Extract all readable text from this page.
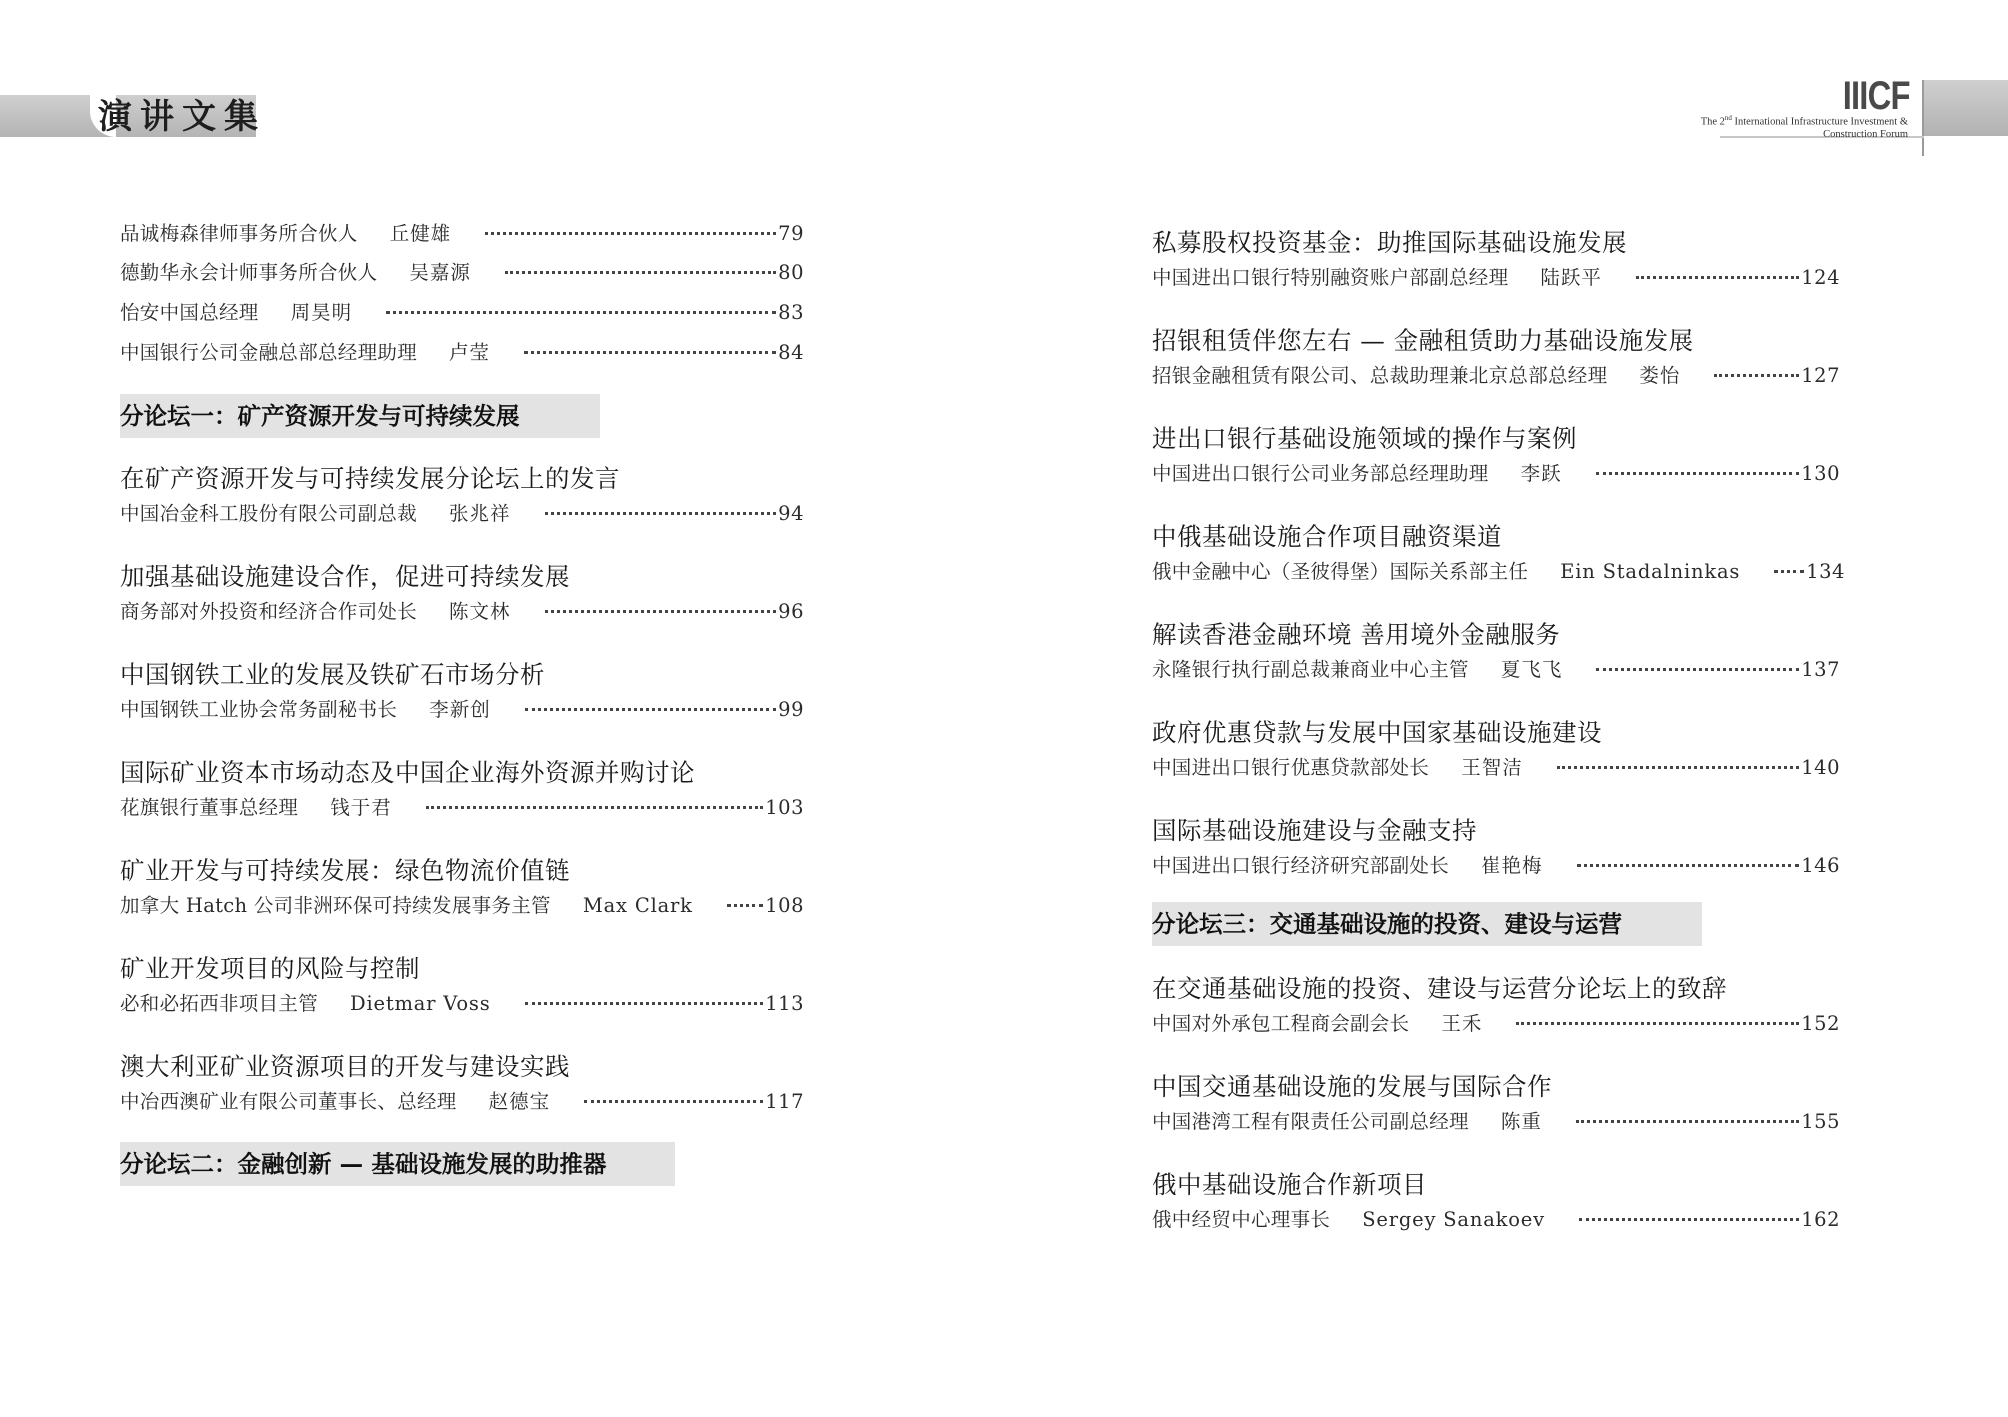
演讲文集	IIICF
The 2nd International Infrastructure Investment &
Construction Forum
品诚梅森律师事务所合伙人 丘健雄	79
德勤华永会计师事务所合伙人 吴嘉源	80
怡安中国总经理 周昊明	83
中国银行公司金融总部总经理助理 卢莹	84
分论坛一：矿产资源开发与可持续发展
在矿产资源开发与可持续发展分论坛上的发言
中国冶金科工股份有限公司副总裁 张兆祥	94
加强基础设施建设合作，促进可持续发展
商务部对外投资和经济合作司处长 陈文林	96
中国钢铁工业的发展及铁矿石市场分析
中国钢铁工业协会常务副秘书长 李新创	99
国际矿业资本市场动态及中国企业海外资源并购讨论
花旗银行董事总经理 钱于君	103
矿业开发与可持续发展：绿色物流价值链
加拿大 Hatch 公司非洲环保可持续发展事务主管 Max Clark	108
矿业开发项目的风险与控制
必和必拓西非项目主管 Dietmar Voss	113
澳大利亚矿业资源项目的开发与建设实践
中冶西澳矿业有限公司董事长、总经理 赵德宝	117
分论坛二：金融创新 — 基础设施发展的助推器
私募股权投资基金：助推国际基础设施发展
中国进出口银行特别融资账户部副总经理 陆跃平	124
招银租赁伴您左右 — 金融租赁助力基础设施发展
招银金融租赁有限公司、总裁助理兼北京总部总经理 娄怡	127
进出口银行基础设施领域的操作与案例
中国进出口银行公司业务部总经理助理 李跃	130
中俄基础设施合作项目融资渠道
俄中金融中心（圣彼得堡）国际关系部主任 Ein Stadalninkas	134
解读香港金融环境 善用境外金融服务
永隆银行执行副总裁兼商业中心主管 夏飞飞	137
政府优惠贷款与发展中国家基础设施建设
中国进出口银行优惠贷款部处长 王智洁	140
国际基础设施建设与金融支持
中国进出口银行经济研究部副处长 崔艳梅	146
分论坛三：交通基础设施的投资、建设与运营
在交通基础设施的投资、建设与运营分论坛上的致辞
中国对外承包工程商会副会长 王禾	152
中国交通基础设施的发展与国际合作
中国港湾工程有限责任公司副总经理 陈重	155
俄中基础设施合作新项目
俄中经贸中心理事长 Sergey Sanakoev	162
